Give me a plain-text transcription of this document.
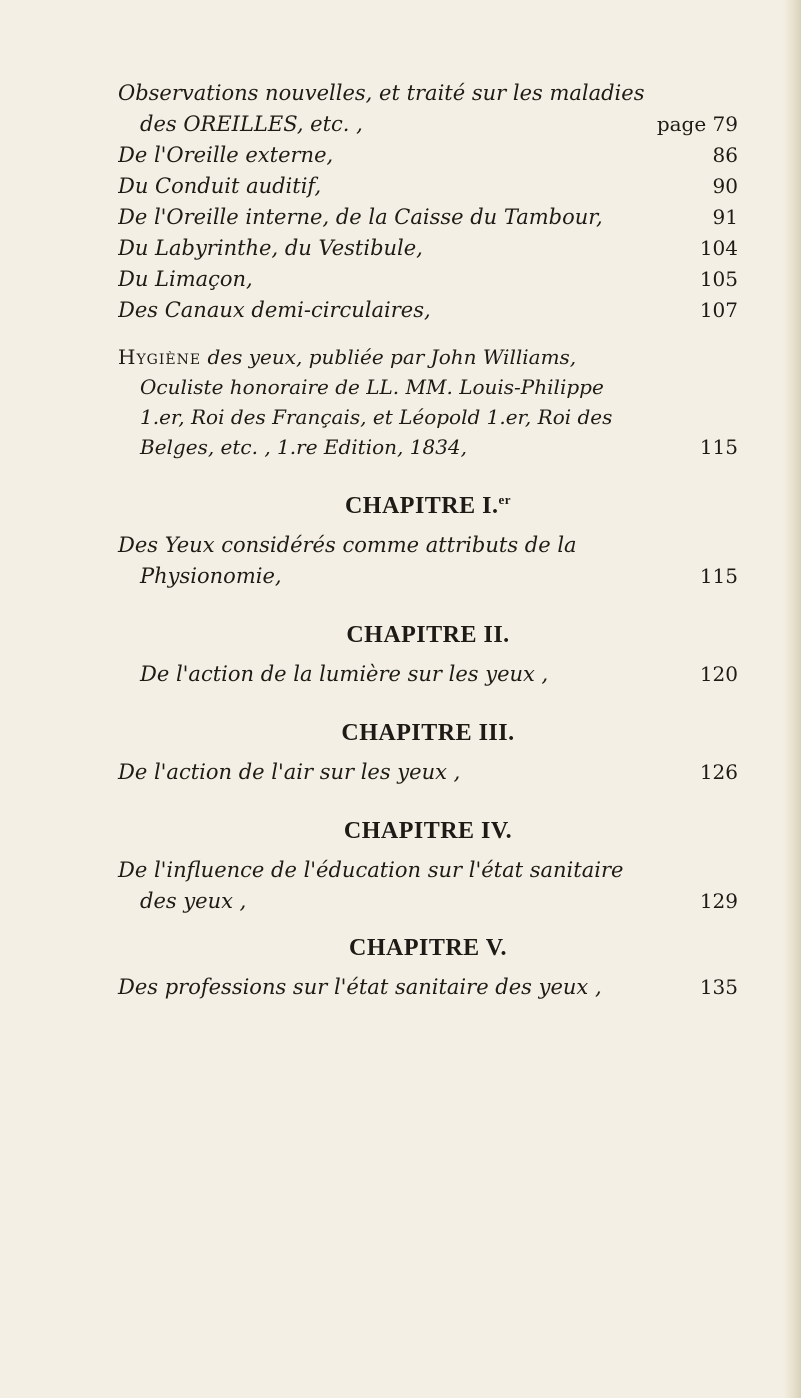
Observations nouvelles, et traité sur les maladies
des OREILLES, etc. ,	page 79
De l'Oreille externe,	86
Du Conduit auditif,	90
De l'Oreille interne, de la Caisse du Tambour,	91
Du Labyrinthe, du Vestibule,	104
Du Limaçon,	105
Des Canaux demi-circulaires,	107
Hygiène des yeux, publiée par John Williams,
Oculiste honoraire de LL. MM. Louis-Philippe
1.er, Roi des Français, et Léopold 1.er, Roi des
Belges, etc. , 1.re Edition, 1834,	115
CHAPITRE I.$^{er}$
Des Yeux considérés comme attributs de la
Physionomie,	115
CHAPITRE II.
De l'action de la lumière sur les yeux ,	120
CHAPITRE III.
De l'action de l'air sur les yeux ,	126
CHAPITRE IV.
De l'influence de l'éducation sur l'état sanitaire
des yeux ,	129
CHAPITRE V.
Des professions sur l'état sanitaire des yeux ,	135
